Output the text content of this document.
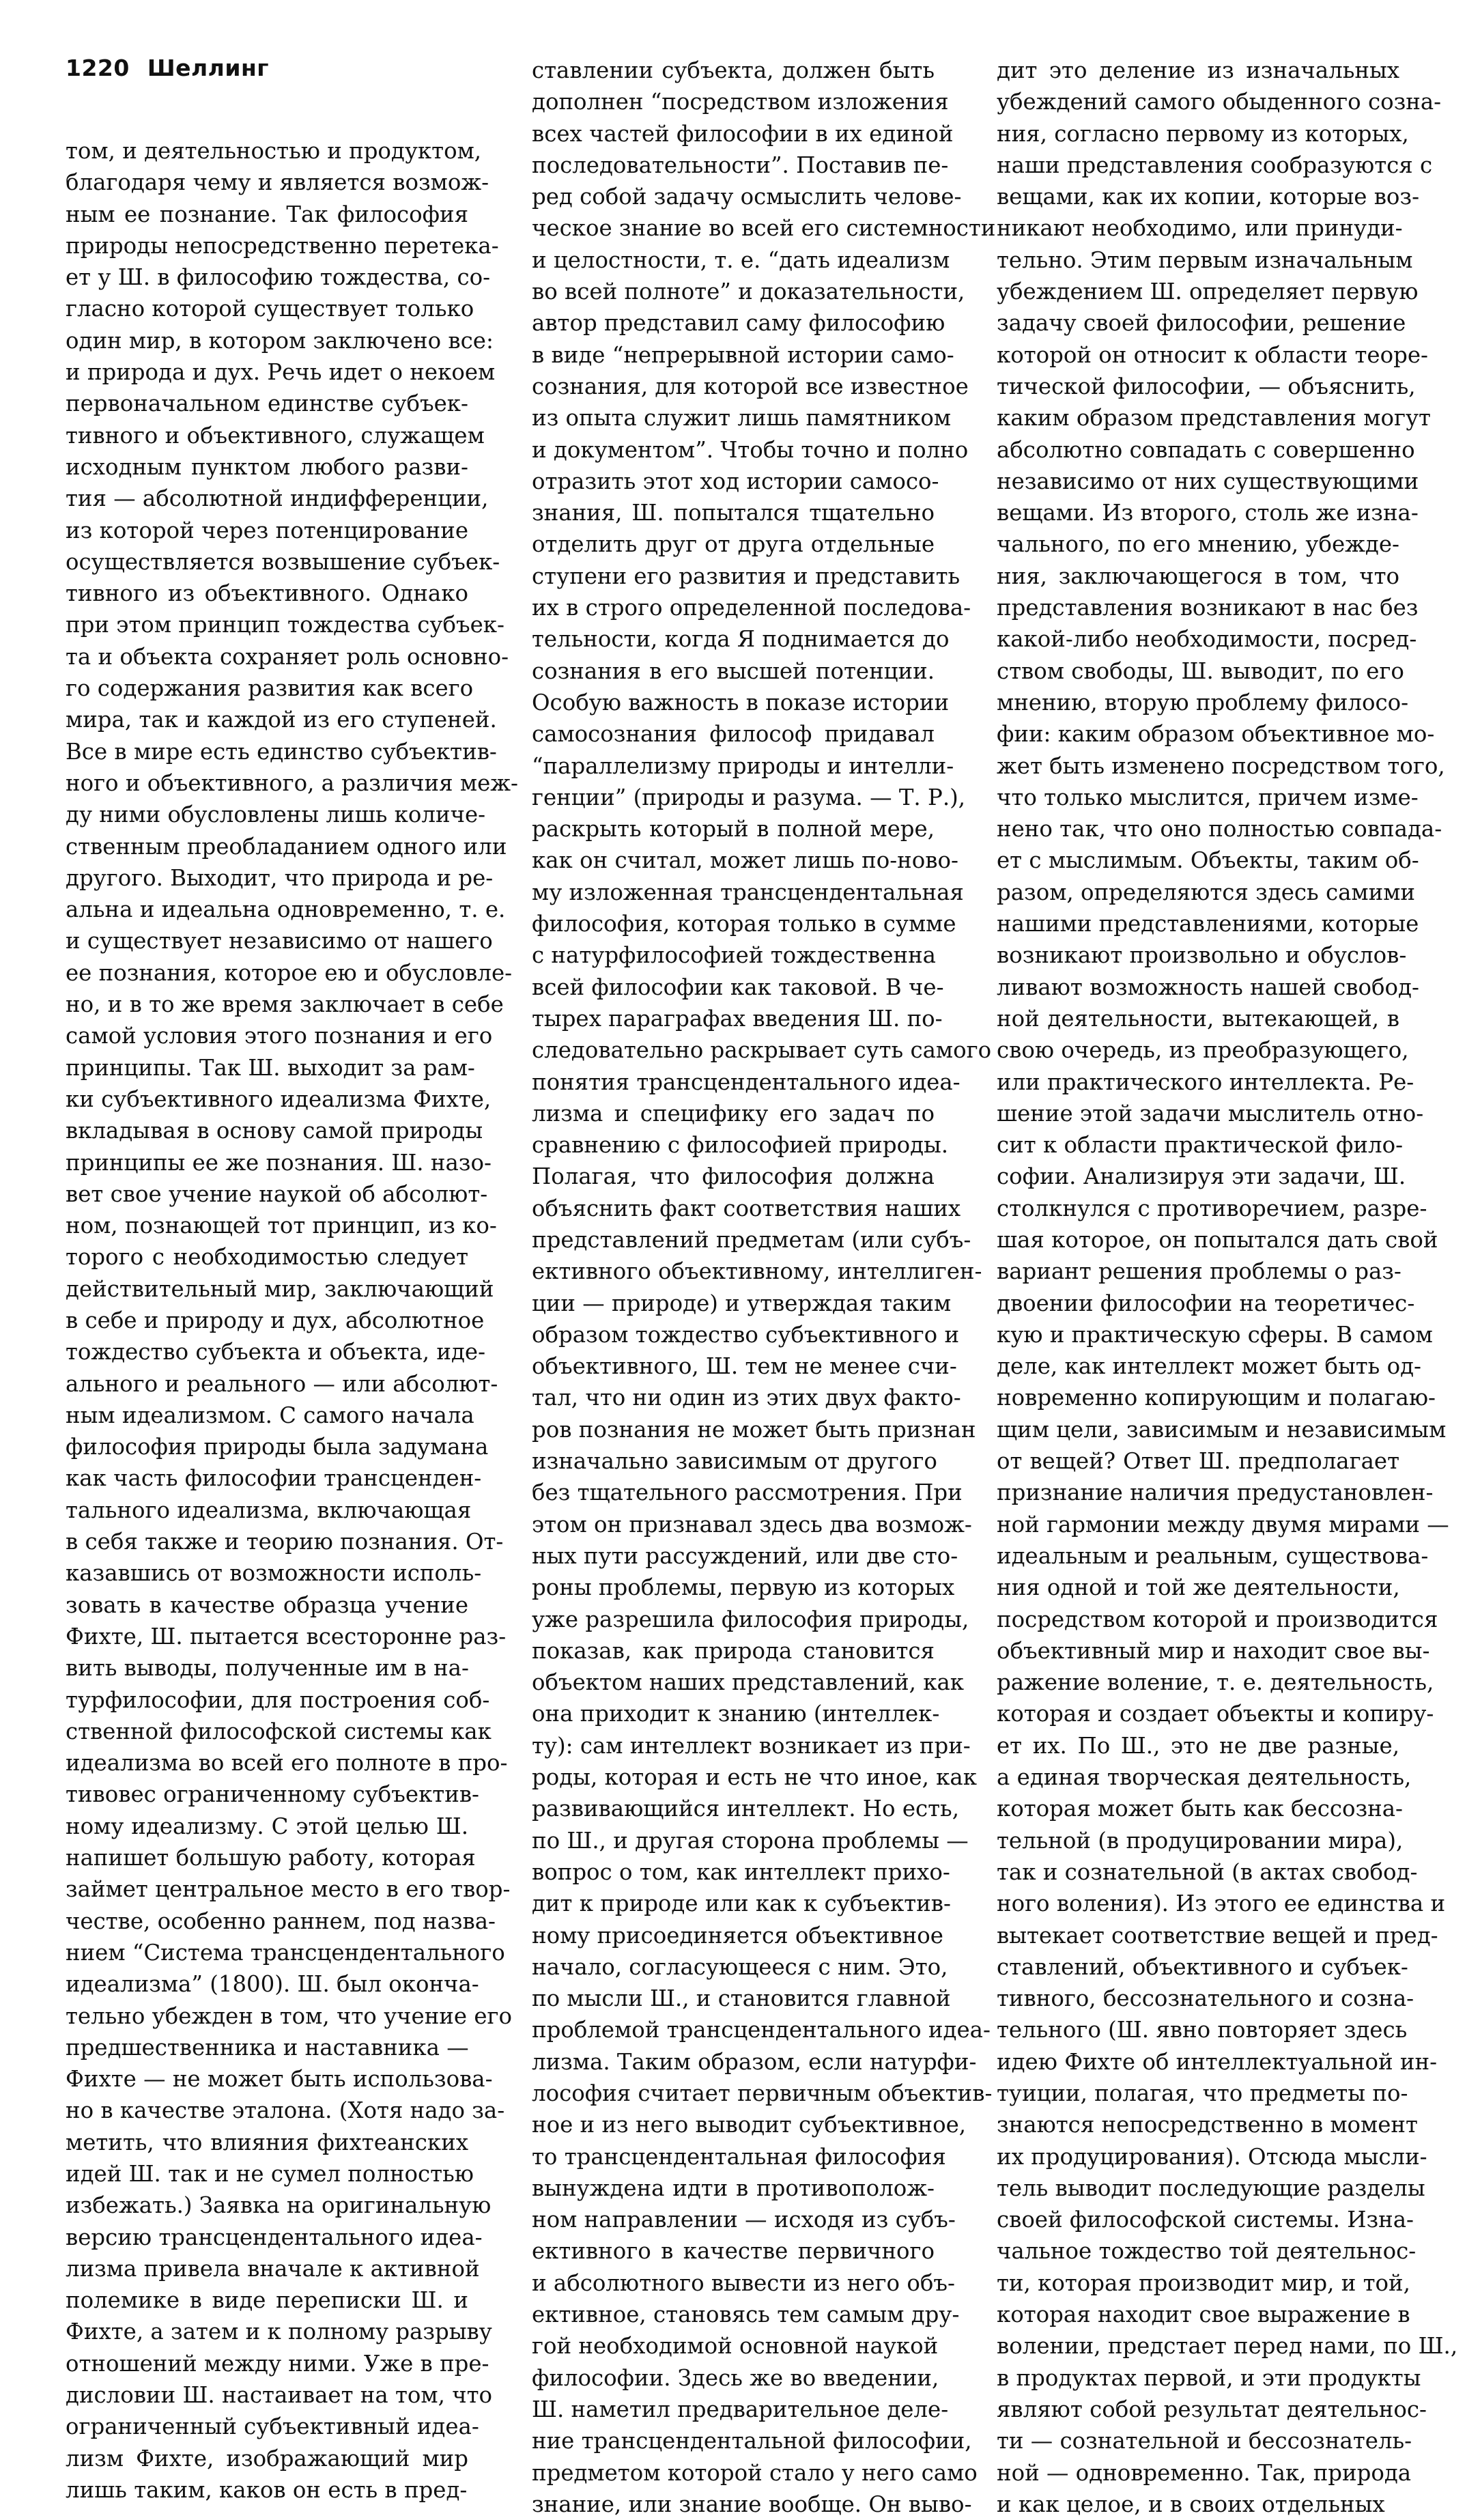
1220 Шеллинг
том, и деятельностью и продуктом,
благодаря чему и является возмож-
ным ее познание. Так философия
природы непосредственно перетека-
ет у Ш. в философию тождества, со-
гласно которой существует только
один мир, в котором заключено все:
и природа и дух. Речь идет о некоем
первоначальном единстве субъек-
тивного и объективного, служащем
исходным пунктом любого разви-
тия — абсолютной индифференции,
из которой через потенцирование
осуществляется возвышение субъек-
тивного из объективного. Однако
при этом принцип тождества субъек-
та и объекта сохраняет роль основно-
го содержания развития как всего
мира, так и каждой из его ступеней.
Все в мире есть единство субъектив-
ного и объективного, а различия меж-
ду ними обусловлены лишь количе-
ственным преобладанием одного или
другого. Выходит, что природа и ре-
альна и идеальна одновременно, т. е.
и существует независимо от нашего
ее познания, которое ею и обусловле-
но, и в то же время заключает в себе
самой условия этого познания и его
принципы. Так Ш. выходит за рам-
ки субъективного идеализма Фихте,
вкладывая в основу самой природы
принципы ее же познания. Ш. назо-
вет свое учение наукой об абсолют-
ном, познающей тот принцип, из ко-
торого с необходимостью следует
действительный мир, заключающий
в себе и природу и дух, абсолютное
тождество субъекта и объекта, иде-
ального и реального — или абсолют-
ным идеализмом. С самого начала
философия природы была задумана
как часть философии трансценден-
тального идеализма, включающая
в себя также и теорию познания. От-
казавшись от возможности исполь-
зовать в качестве образца учение
Фихте, Ш. пытается всесторонне раз-
вить выводы, полученные им в на-
турфилософии, для построения соб-
ственной философской системы как
идеализма во всей его полноте в про-
тивовес ограниченному субъектив-
ному идеализму. С этой целью Ш.
напишет большую работу, которая
займет центральное место в его твор-
честве, особенно раннем, под назва-
нием “Система трансцендентального
идеализма” (1800). Ш. был оконча-
тельно убежден в том, что учение его
предшественника и наставника —
Фихте — не может быть использова-
но в качестве эталона. (Хотя надо за-
метить, что влияния фихтеанских
идей Ш. так и не сумел полностью
избежать.) Заявка на оригинальную
версию трансцендентального идеа-
лизма привела вначале к активной
полемике в виде переписки Ш. и
Фихте, а затем и к полному разрыву
отношений между ними. Уже в пре-
дисловии Ш. настаивает на том, что
ограниченный субъективный идеа-
лизм Фихте, изображающий мир
лишь таким, каков он есть в пред-
ставлении субъекта, должен быть
дополнен “посредством изложения
всех частей философии в их единой
последовательности”. Поставив пе-
ред собой задачу осмыслить челове-
ческое знание во всей его системности
и целостности, т. е. “дать идеализм
во всей полноте” и доказательности,
автор представил саму философию
в виде “непрерывной истории само-
сознания, для которой все известное
из опыта служит лишь памятником
и документом”. Чтобы точно и полно
отразить этот ход истории самосо-
знания, Ш. попытался тщательно
отделить друг от друга отдельные
ступени его развития и представить
их в строго определенной последова-
тельности, когда Я поднимается до
сознания в его высшей потенции.
Особую важность в показе истории
самосознания философ придавал
“параллелизму природы и интелли-
генции” (природы и разума. — Т. Р.),
раскрыть который в полной мере,
как он считал, может лишь по-ново-
му изложенная трансцендентальная
философия, которая только в сумме
с натурфилософией тождественна
всей философии как таковой. В че-
тырех параграфах введения Ш. по-
следовательно раскрывает суть самого
понятия трансцендентального идеа-
лизма и специфику его задач по
сравнению с философией природы.
Полагая, что философия должна
объяснить факт соответствия наших
представлений предметам (или субъ-
ективного объективному, интеллиген-
ции — природе) и утверждая таким
образом тождество субъективного и
объективного, Ш. тем не менее счи-
тал, что ни один из этих двух факто-
ров познания не может быть признан
изначально зависимым от другого
без тщательного рассмотрения. При
этом он признавал здесь два возмож-
ных пути рассуждений, или две сто-
роны проблемы, первую из которых
уже разрешила философия природы,
показав, как природа становится
объектом наших представлений, как
она приходит к знанию (интеллек-
ту): сам интеллект возникает из при-
роды, которая и есть не что иное, как
развивающийся интеллект. Но есть,
по Ш., и другая сторона проблемы —
вопрос о том, как интеллект прихо-
дит к природе или как к субъектив-
ному присоединяется объективное
начало, согласующееся с ним. Это,
по мысли Ш., и становится главной
проблемой трансцендентального идеа-
лизма. Таким образом, если натурфи-
лософия считает первичным объектив-
ное и из него выводит субъективное,
то трансцендентальная философия
вынуждена идти в противополож-
ном направлении — исходя из субъ-
ективного в качестве первичного
и абсолютного вывести из него объ-
ективное, становясь тем самым дру-
гой необходимой основной наукой
философии. Здесь же во введении,
Ш. наметил предварительное деле-
ние трансцендентальной философии,
предметом которой стало у него само
знание, или знание вообще. Он выво-
дит это деление из изначальных
убеждений самого обыденного созна-
ния, согласно первому из которых,
наши представления сообразуются с
вещами, как их копии, которые воз-
никают необходимо, или принуди-
тельно. Этим первым изначальным
убеждением Ш. определяет первую
задачу своей философии, решение
которой он относит к области теоре-
тической философии, — объяснить,
каким образом представления могут
абсолютно совпадать с совершенно
независимо от них существующими
вещами. Из второго, столь же изна-
чального, по его мнению, убежде-
ния, заключающегося в том, что
представления возникают в нас без
какой-либо необходимости, посред-
ством свободы, Ш. выводит, по его
мнению, вторую проблему филосо-
фии: каким образом объективное мо-
жет быть изменено посредством того,
что только мыслится, причем изме-
нено так, что оно полностью совпада-
ет с мыслимым. Объекты, таким об-
разом, определяются здесь самими
нашими представлениями, которые
возникают произвольно и обуслов-
ливают возможность нашей свобод-
ной деятельности, вытекающей, в
свою очередь, из преобразующего,
или практического интеллекта. Ре-
шение этой задачи мыслитель отно-
сит к области практической фило-
софии. Анализируя эти задачи, Ш.
столкнулся с противоречием, разре-
шая которое, он попытался дать свой
вариант решения проблемы о раз-
двоении философии на теоретичес-
кую и практическую сферы. В самом
деле, как интеллект может быть од-
новременно копирующим и полагаю-
щим цели, зависимым и независимым
от вещей? Ответ Ш. предполагает
признание наличия предустановлен-
ной гармонии между двумя мирами —
идеальным и реальным, существова-
ния одной и той же деятельности,
посредством которой и производится
объективный мир и находит свое вы-
ражение воление, т. е. деятельность,
которая и создает объекты и копиру-
ет их. По Ш., это не две разные,
а единая творческая деятельность,
которая может быть как бессозна-
тельной (в продуцировании мира),
так и сознательной (в актах свобод-
ного воления). Из этого ее единства и
вытекает соответствие вещей и пред-
ставлений, объективного и субъек-
тивного, бессознательного и созна-
тельного (Ш. явно повторяет здесь
идею Фихте об интеллектуальной ин-
туиции, полагая, что предметы по-
знаются непосредственно в момент
их продуцирования). Отсюда мысли-
тель выводит последующие разделы
своей философской системы. Изна-
чальное тождество той деятельнос-
ти, которая производит мир, и той,
которая находит свое выражение в
волении, предстает перед нами, по Ш.,
в продуктах первой, и эти продукты
являют собой результат деятельнос-
ти — сознательной и бессознатель-
ной — одновременно. Так, природа
и как целое, и в своих отдельных
